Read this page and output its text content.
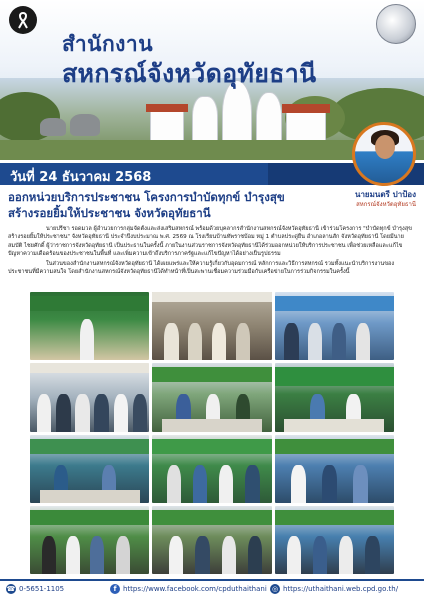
สำนักงาน
สหกรณ์จังหวัดอุทัยธานี
วันที่ 24 ธันวาคม 2568
นายมนตรี ปาป้อง
สหกรณ์จังหวัดอุทัยธานี
ออกหน่วยบริการประชาชน โครงการบำบัดทุกข์ บำรุงสุข
สร้างรอยยิ้มให้ประชาชน จังหวัดอุทัยธานี

นายปรีชา รอดมวล ผู้อำนวยการกลุ่มจัดตั้งและส่งเสริมสหกรณ์ พร้อมด้วยบุคลากรสำนักงานสหกรณ์จังหวัดอุทัยธานี เข้าร่วมโครงการ "บำบัดทุกข์ บำรุงสุข สร้างรอยยิ้มให้ประชาชน" จังหวัดอุทัยธานี ประจำปีงบประมาณ พ.ศ. 2569 ณ โรงเรียนบ้านทัพราชบ้อม หมู่ 1 ตำบลประดู่ยืน อำเภอลานสัก จังหวัดอุทัยธานี โดยมีนายสมบัติ ไชยศักดิ์ ผู้ว่าราชการจังหวัดอุทัยธานี เป็นประธานในครั้งนี้ ภายในงานส่วนราชการจังหวัดอุทัยธานีได้ร่วมออกหน่วยให้บริการประชาชน เพื่อช่วยเหลือและแก้ไขปัญหาความเดือดร้อนของประชาชนในพื้นที่ และเพิ่มความเข้าถึงบริการภาครัฐและแก้ไขปัญหาได้อย่างเป็นรูปธรรม

ในส่วนของสำนักงานสหกรณ์จังหวัดอุทัยธานี ได้เผยแพร่และให้ความรู้เกี่ยวกับอุดมการณ์ หลักการและวิธีการสหกรณ์ รวมทั้งแนะนำบริการงานของประชาชนที่มีความสนใจ โดยสำนักงานสหกรณ์จังหวัดอุทัยธานีได้ทำหน้าที่เป็นสะพานเชื่อมความร่วมมือกับเครือข่ายในการร่วมกิจกรรมในครั้งนี้

☎ 0-5651-1105	f https://www.facebook.com/cpduthaithani ◎ https://uthaithani.web.cpd.go.th/
